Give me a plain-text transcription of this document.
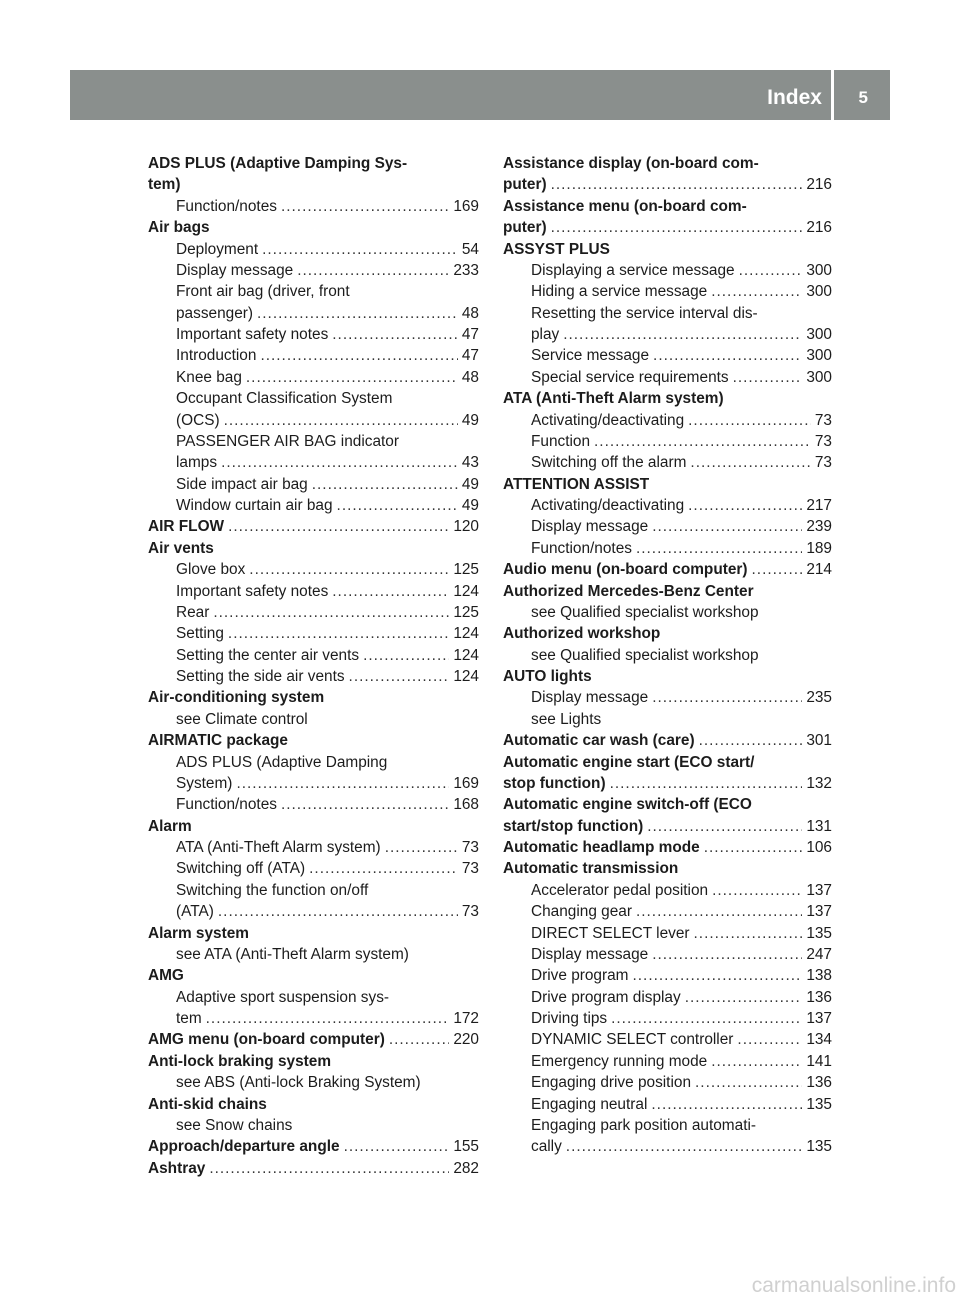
Index 5
ADS PLUS (Adaptive Damping Sys-
tem)
Function/notes .....	169
Air bags
Deployment .....	54
Display message .....	233
Front air bag (driver, front
passenger) .....	48
Important safety notes .....	47
Introduction .....	47
Knee bag .....	48
Occupant Classification System
(OCS) .....	49
PASSENGER AIR BAG indicator
lamps .....	43
Side impact air bag .....	49
Window curtain air bag .....	49
AIR FLOW .....	120
Air vents
Glove box .....	125
Important safety notes .....	124
Rear .....	125
Setting .....	124
Setting the center air vents .....	124
Setting the side air vents .....	124
Air-conditioning system
see Climate control
AIRMATIC package
ADS PLUS (Adaptive Damping
System) .....	169
Function/notes .....	168
Alarm
ATA (Anti-Theft Alarm system) .....	73
Switching off (ATA) .....	73
Switching the function on/off
(ATA) .....	73
Alarm system
see ATA (Anti-Theft Alarm system)
AMG
Adaptive sport suspension sys-
tem .....	172
AMG menu (on-board computer) .....	220
Anti-lock braking system
see ABS (Anti-lock Braking System)
Anti-skid chains
see Snow chains
Approach/departure angle .....	155
Ashtray .....	282
Assistance display (on-board com-
puter) .....	216
Assistance menu (on-board com-
puter) .....	216
ASSYST PLUS
Displaying a service message .....	300
Hiding a service message .....	300
Resetting the service interval dis-
play .....	300
Service message .....	300
Special service requirements .....	300
ATA (Anti-Theft Alarm system)
Activating/deactivating .....	73
Function .....	73
Switching off the alarm .....	73
ATTENTION ASSIST
Activating/deactivating .....	217
Display message .....	239
Function/notes .....	189
Audio menu (on-board computer) .....	214
Authorized Mercedes-Benz Center
see Qualified specialist workshop
Authorized workshop
see Qualified specialist workshop
AUTO lights
Display message .....	235
see Lights
Automatic car wash (care) .....	301
Automatic engine start (ECO start/
stop function) .....	132
Automatic engine switch-off (ECO
start/stop function) .....	131
Automatic headlamp mode .....	106
Automatic transmission
Accelerator pedal position .....	137
Changing gear .....	137
DIRECT SELECT lever .....	135
Display message .....	247
Drive program .....	138
Drive program display .....	136
Driving tips .....	137
DYNAMIC SELECT controller .....	134
Emergency running mode .....	141
Engaging drive position .....	136
Engaging neutral .....	135
Engaging park position automati-
cally .....	135
carmanualsonline.info
